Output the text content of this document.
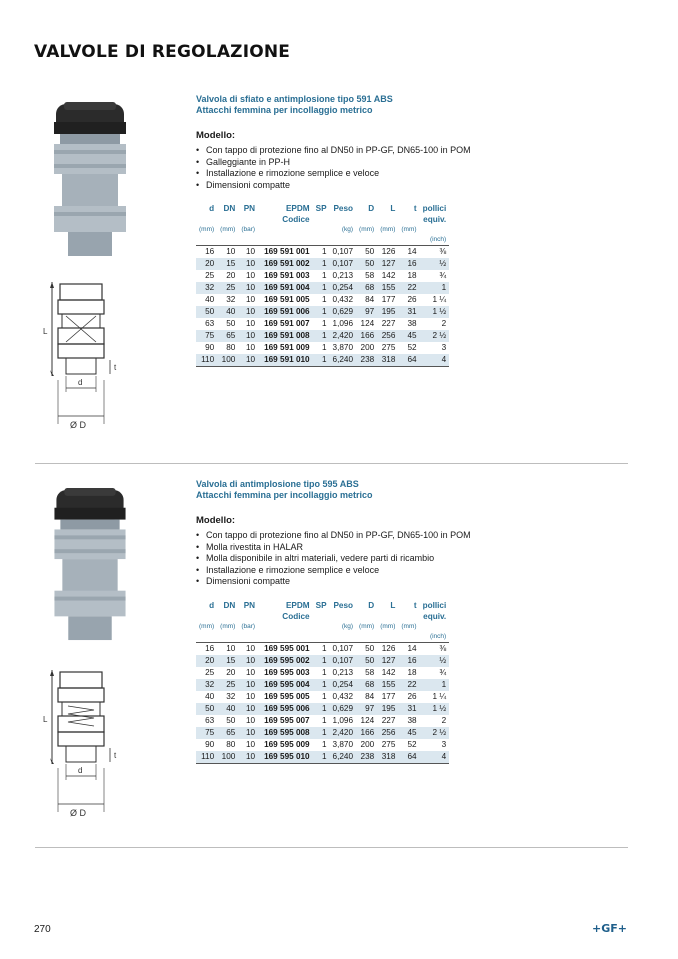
VALVOLE DI REGOLAZIONE
L
t
d
Ø D
Valvola di sfiato e antimplosione tipo 591 ABS
Attacchi femmina per incollaggio metrico
Modello:
• Con tappo di protezione fino al DN50 in PP-GF, DN65-100 in POM
• Galleggiante in PP-H
• Installazione e rimozione semplice e veloce
• Dimensioni compatte
d	DN	PN	EPDM	SP	Peso	D	L	t	pollici
			Codice						equiv.
(mm)	(mm)	(bar)			(kg)	(mm)	(mm)	(mm)	
									(inch)
16	10	10	169 591 001	1	0,107	50	126	14	⅜
20	15	10	169 591 002	1	0,107	50	127	16	½
25	20	10	169 591 003	1	0,213	58	142	18	¾
32	25	10	169 591 004	1	0,254	68	155	22	1
40	32	10	169 591 005	1	0,432	84	177	26	1 ¼
50	40	10	169 591 006	1	0,629	97	195	31	1 ½
63	50	10	169 591 007	1	1,096	124	227	38	2
75	65	10	169 591 008	1	2,420	166	256	45	2 ½
90	80	10	169 591 009	1	3,870	200	275	52	3
110	100	10	169 591 010	1	6,240	238	318	64	4
L
t
d
Ø D
Valvola di antimplosione tipo 595 ABS
Attacchi femmina per incollaggio metrico
Modello:
• Con tappo di protezione fino al DN50 in PP-GF, DN65-100 in POM
• Molla rivestita in HALAR
• Molla disponibile in altri materiali, vedere parti di ricambio
• Installazione e rimozione semplice e veloce
• Dimensioni compatte
d	DN	PN	EPDM	SP	Peso	D	L	t	pollici
			Codice						equiv.
(mm)	(mm)	(bar)			(kg)	(mm)	(mm)	(mm)	
									(inch)
16	10	10	169 595 001	1	0,107	50	126	14	⅜
20	15	10	169 595 002	1	0,107	50	127	16	½
25	20	10	169 595 003	1	0,213	58	142	18	¾
32	25	10	169 595 004	1	0,254	68	155	22	1
40	32	10	169 595 005	1	0,432	84	177	26	1 ¼
50	40	10	169 595 006	1	0,629	97	195	31	1 ½
63	50	10	169 595 007	1	1,096	124	227	38	2
75	65	10	169 595 008	1	2,420	166	256	45	2 ½
90	80	10	169 595 009	1	3,870	200	275	52	3
110	100	10	169 595 010	1	6,240	238	318	64	4
270	+GF+
